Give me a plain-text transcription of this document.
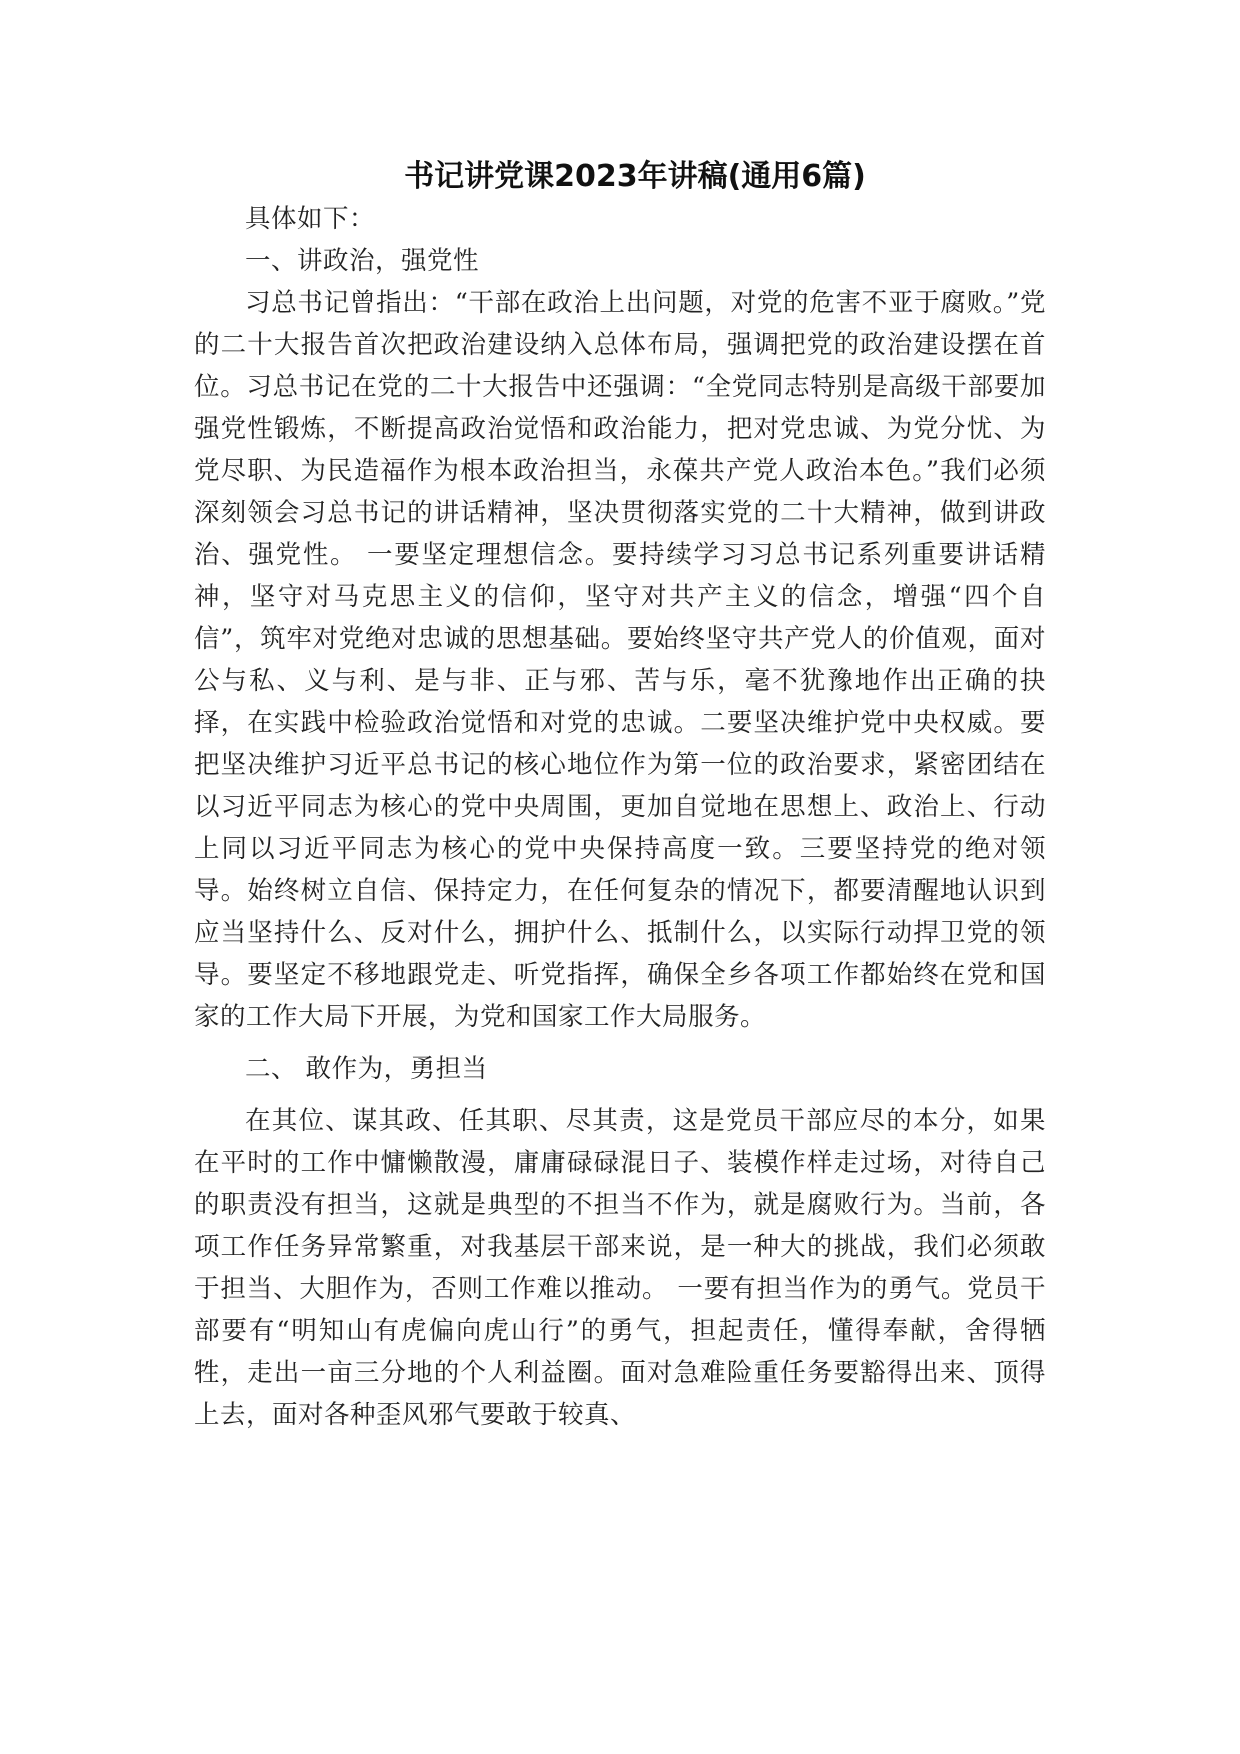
书记讲党课2023年讲稿(通用6篇)

具体如下：

一、讲政治，强党性

习总书记曾指出：“干部在政治上出问题，对党的危害不亚于腐败。”党的二十大报告首次把政治建设纳入总体布局，强调把党的政治建设摆在首位。习总书记在党的二十大报告中还强调：“全党同志特别是高级干部要加强党性锻炼，不断提高政治觉悟和政治能力，把对党忠诚、为党分忧、为党尽职、为民造福作为根本政治担当，永葆共产党人政治本色。”我们必须深刻领会习总书记的讲话精神，坚决贯彻落实党的二十大精神，做到讲政治、强党性。 一要坚定理想信念。要持续学习习总书记系列重要讲话精神，坚守对马克思主义的信仰，坚守对共产主义的信念，增强“四个自信”，筑牢对党绝对忠诚的思想基础。要始终坚守共产党人的价值观，面对公与私、义与利、是与非、正与邪、苦与乐，毫不犹豫地作出正确的抉择，在实践中检验政治觉悟和对党的忠诚。二要坚决维护党中央权威。要把坚决维护习近平总书记的核心地位作为第一位的政治要求，紧密团结在以习近平同志为核心的党中央周围，更加自觉地在思想上、政治上、行动上同以习近平同志为核心的党中央保持高度一致。三要坚持党的绝对领导。始终树立自信、保持定力，在任何复杂的情况下，都要清醒地认识到应当坚持什么、反对什么，拥护什么、抵制什么，以实际行动捍卫党的领导。要坚定不移地跟党走、听党指挥，确保全乡各项工作都始终在党和国家的工作大局下开展，为党和国家工作大局服务。

二、 敢作为，勇担当

在其位、谋其政、任其职、尽其责，这是党员干部应尽的本分，如果在平时的工作中慵懒散漫，庸庸碌碌混日子、装模作样走过场，对待自己的职责没有担当，这就是典型的不担当不作为，就是腐败行为。当前，各项工作任务异常繁重，对我基层干部来说，是一种大的挑战，我们必须敢于担当、大胆作为，否则工作难以推动。 一要有担当作为的勇气。党员干部要有“明知山有虎偏向虎山行”的勇气，担起责任，懂得奉献，舍得牺牲，走出一亩三分地的个人利益圈。面对急难险重任务要豁得出来、顶得上去，面对各种歪风邪气要敢于较真、
